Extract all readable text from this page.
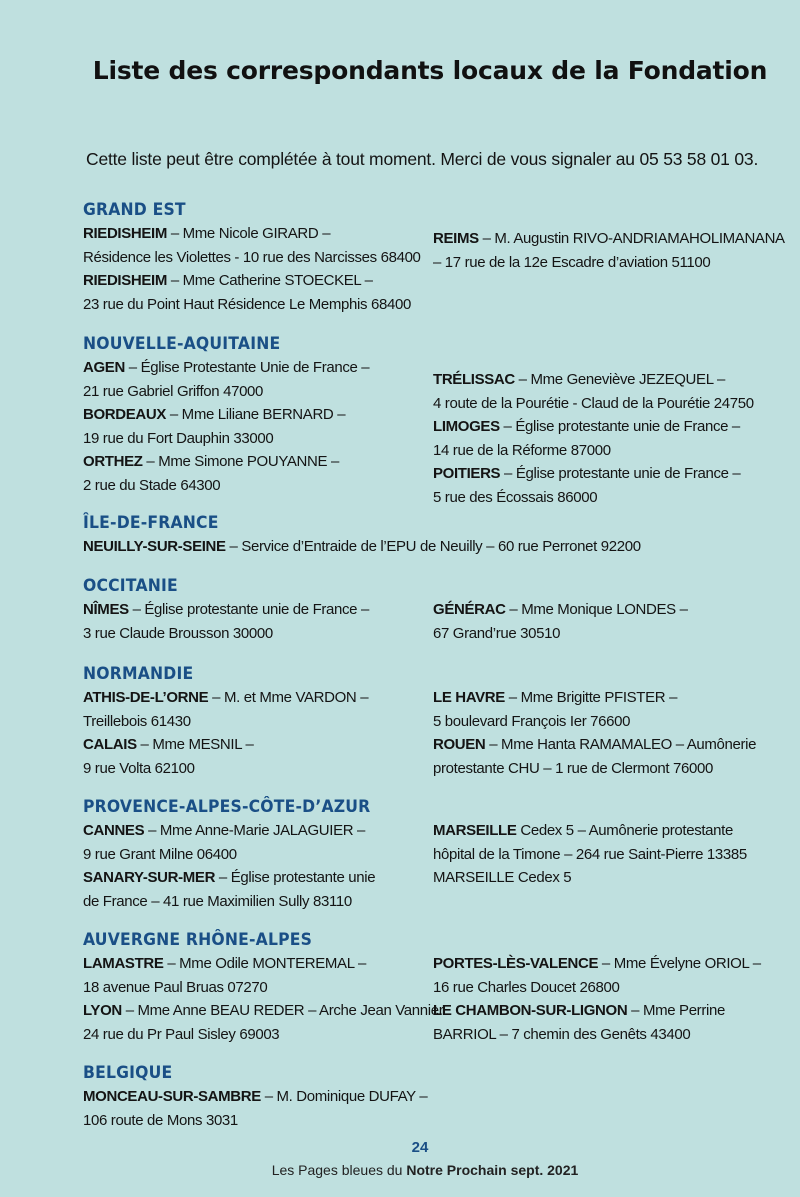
Liste des correspondants locaux de la Fondation

Cette liste peut être complétée à tout moment. Merci de vous signaler au 05 53 58 01 03.

GRAND EST
RIEDISHEIM – Mme Nicole GIRARD –
Résidence les Violettes - 10 rue des Narcisses 68400
RIEDISHEIM – Mme Catherine STOECKEL –
23 rue du Point Haut Résidence Le Memphis 68400
REIMS – M. Augustin RIVO-ANDRIAMAHOLIMANANA
– 17 rue de la 12e Escadre d’aviation 51100
NOUVELLE-AQUITAINE
AGEN – Église Protestante Unie de France –
21 rue Gabriel Griffon 47000
BORDEAUX – Mme Liliane BERNARD –
19 rue du Fort Dauphin 33000
ORTHEZ – Mme Simone POUYANNE –
2 rue du Stade 64300
TRÉLISSAC – Mme Geneviève JEZEQUEL –
4 route de la Pourétie - Claud de la Pourétie 24750
LIMOGES – Église protestante unie de France –
14 rue de la Réforme 87000
POITIERS – Église protestante unie de France –
5 rue des Écossais 86000
ÎLE-DE-FRANCE
NEUILLY-SUR-SEINE – Service d’Entraide de l’EPU de Neuilly – 60 rue Perronet 92200
OCCITANIE
NÎMES – Église protestante unie de France –
3 rue Claude Brousson 30000
GÉNÉRAC – Mme Monique LONDES –
67 Grand’rue 30510
NORMANDIE
ATHIS-DE-L’ORNE – M. et Mme VARDON –
Treillebois 61430
CALAIS – Mme MESNIL –
9 rue Volta 62100
LE HAVRE – Mme Brigitte PFISTER –
5 boulevard François Ier 76600
ROUEN – Mme Hanta RAMAMALEO – Aumônerie
protestante CHU – 1 rue de Clermont 76000
PROVENCE-ALPES-CÔTE-D’AZUR
CANNES – Mme Anne-Marie JALAGUIER –
9 rue Grant Milne 06400
SANARY-SUR-MER – Église protestante unie
de France – 41 rue Maximilien Sully 83110
MARSEILLE Cedex 5 – Aumônerie protestante
hôpital de la Timone – 264 rue Saint-Pierre 13385
MARSEILLE Cedex 5
AUVERGNE RHÔNE-ALPES
LAMASTRE – Mme Odile MONTEREMAL –
18 avenue Paul Bruas 07270
LYON – Mme Anne BEAU REDER – Arche Jean Vannier
24 rue du Pr Paul Sisley 69003
PORTES-LÈS-VALENCE – Mme Évelyne ORIOL –
16 rue Charles Doucet 26800
LE CHAMBON-SUR-LIGNON – Mme Perrine
BARRIOL – 7 chemin des Genêts 43400
BELGIQUE
MONCEAU-SUR-SAMBRE – M. Dominique DUFAY –
106 route de Mons 3031
24
Les Pages bleues du Notre Prochain sept. 2021
